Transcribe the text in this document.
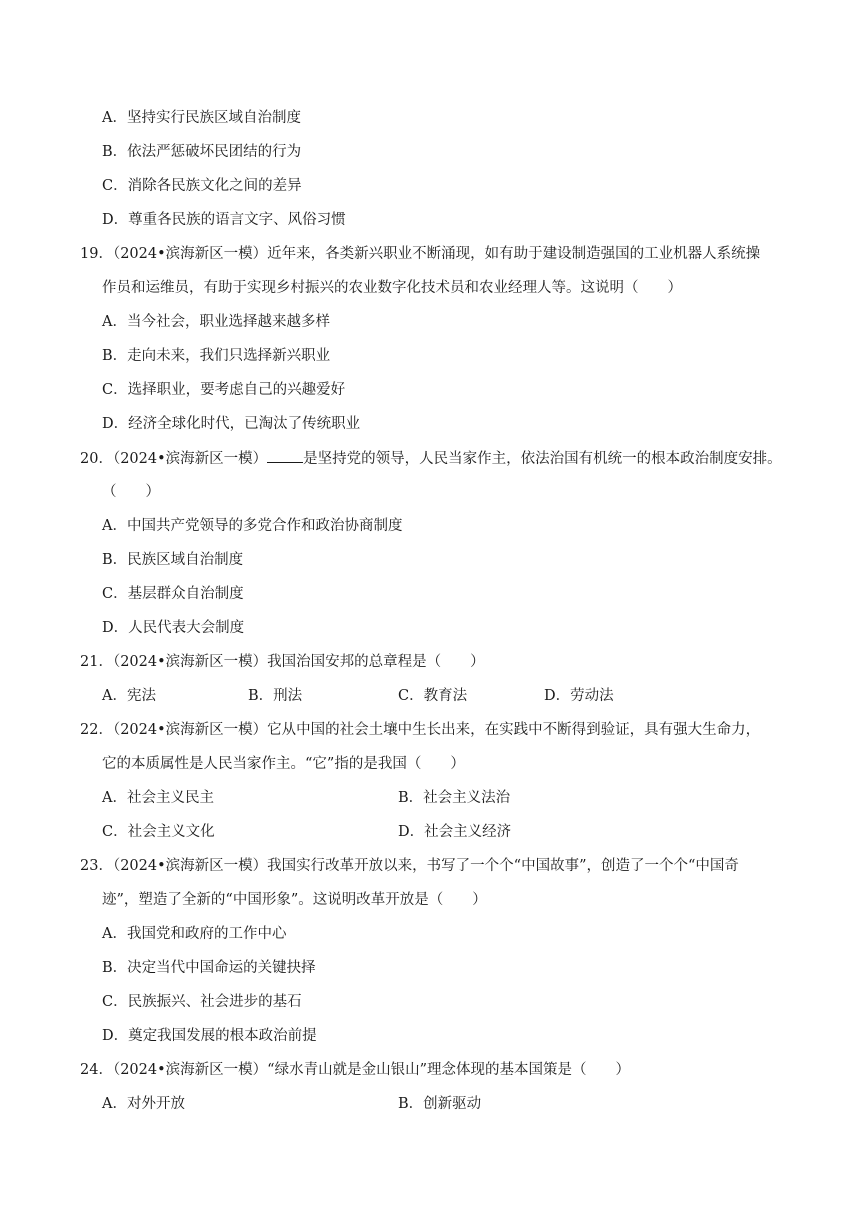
A．坚持实行民族区域自治制度
B．依法严惩破坏民团结的行为
C．消除各民族文化之间的差异
D．尊重各民族的语言文字、风俗习惯
19．（2024•滨海新区一模）近年来，各类新兴职业不断涌现，如有助于建设制造强国的工业机器人系统操
作员和运维员，有助于实现乡村振兴的农业数字化技术员和农业经理人等。这说明（　　）
A．当今社会，职业选择越来越多样
B．走向未来，我们只选择新兴职业
C．选择职业，要考虑自己的兴趣爱好
D．经济全球化时代，已淘汰了传统职业
20．（2024•滨海新区一模） 是坚持党的领导，人民当家作主，依法治国有机统一的根本政治制度安排。
（　　）
A．中国共产党领导的多党合作和政治协商制度
B．民族区域自治制度
C．基层群众自治制度
D．人民代表大会制度
21．（2024•滨海新区一模）我国治国安邦的总章程是（　　）
A．宪法	B．刑法	C．教育法	D．劳动法
22．（2024•滨海新区一模）它从中国的社会土壤中生长出来，在实践中不断得到验证，具有强大生命力，
它的本质属性是人民当家作主。“它”指的是我国（　　）
A．社会主义民主	B．社会主义法治
C．社会主义文化	D．社会主义经济
23．（2024•滨海新区一模）我国实行改革开放以来，书写了一个个“中国故事”，创造了一个个“中国奇
迹”，塑造了全新的“中国形象”。这说明改革开放是（　　）
A．我国党和政府的工作中心
B．决定当代中国命运的关键抉择
C．民族振兴、社会进步的基石
D．奠定我国发展的根本政治前提
24．（2024•滨海新区一模）“绿水青山就是金山银山”理念体现的基本国策是（　　）
A．对外开放	B．创新驱动
